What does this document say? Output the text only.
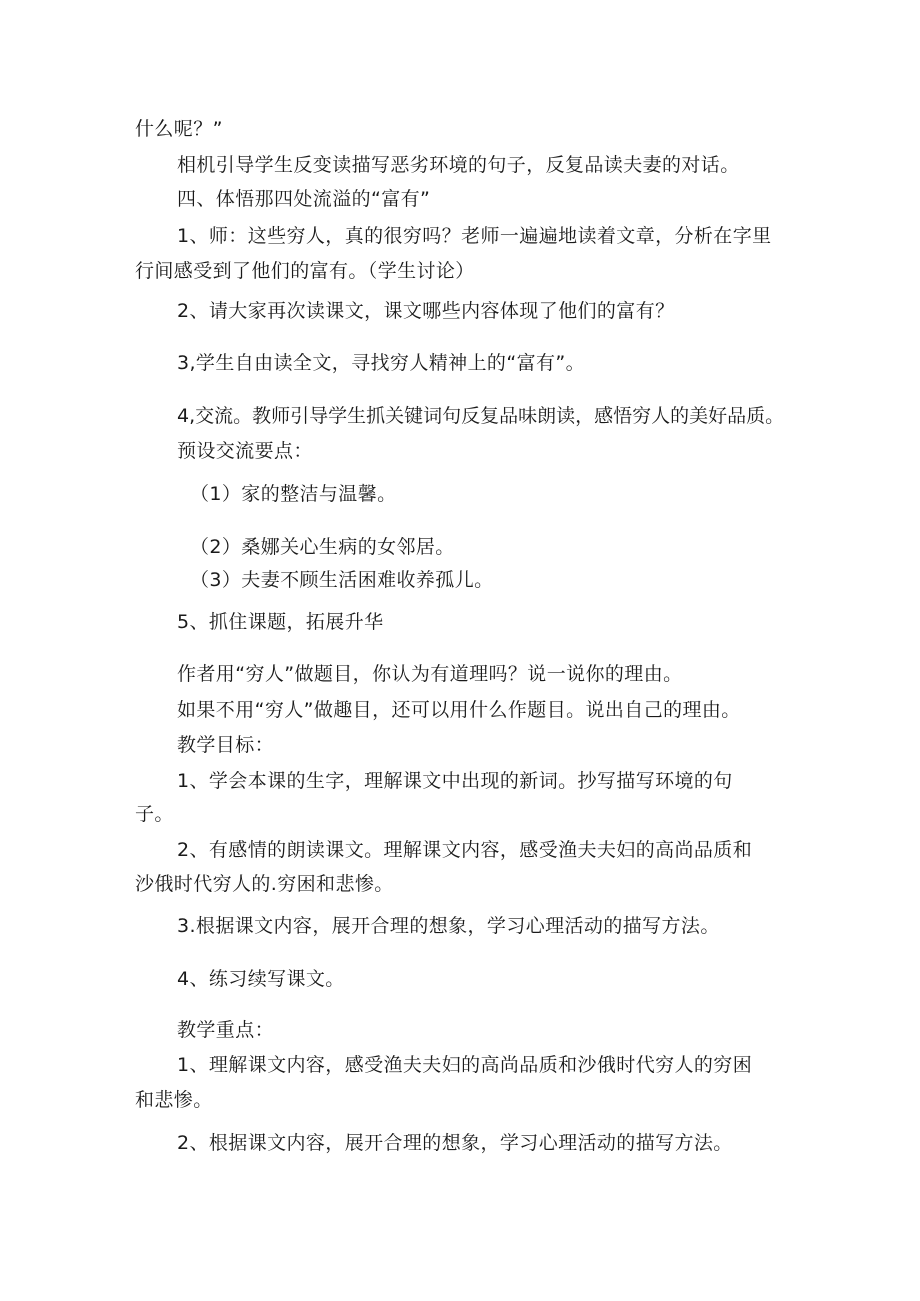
什么呢？”
相机引导学生反变读描写恶劣环境的句子，反复品读夫妻的对话。
四、体悟那四处流溢的“富有”
1、师：这些穷人，真的很穷吗？老师一遍遍地读着文章，分析在字里
行间感受到了他们的富有。（学生讨论）
2、请大家再次读课文，课文哪些内容体现了他们的富有？
3,学生自由读全文，寻找穷人精神上的“富有”。
4,交流。教师引导学生抓关键词句反复品味朗读，感悟穷人的美好品质。
预设交流要点：
（1）家的整洁与温馨。
（2）桑娜关心生病的女邻居。
（3）夫妻不顾生活困难收养孤儿。
5、抓住课题，拓展升华
作者用“穷人”做题目，你认为有道理吗？说一说你的理由。
如果不用“穷人”做趣目，还可以用什么作题目。说出自己的理由。
教学目标：
1、学会本课的生字，理解课文中出现的新词。抄写描写环境的句
子。
2、有感情的朗读课文。理解课文内容，感受渔夫夫妇的高尚品质和
沙俄时代穷人的.穷困和悲惨。
3.根据课文内容，展开合理的想象，学习心理活动的描写方法。
4、练习续写课文。
教学重点：
1、理解课文内容，感受渔夫夫妇的高尚品质和沙俄时代穷人的穷困
和悲惨。
2、根据课文内容，展开合理的想象，学习心理活动的描写方法。
